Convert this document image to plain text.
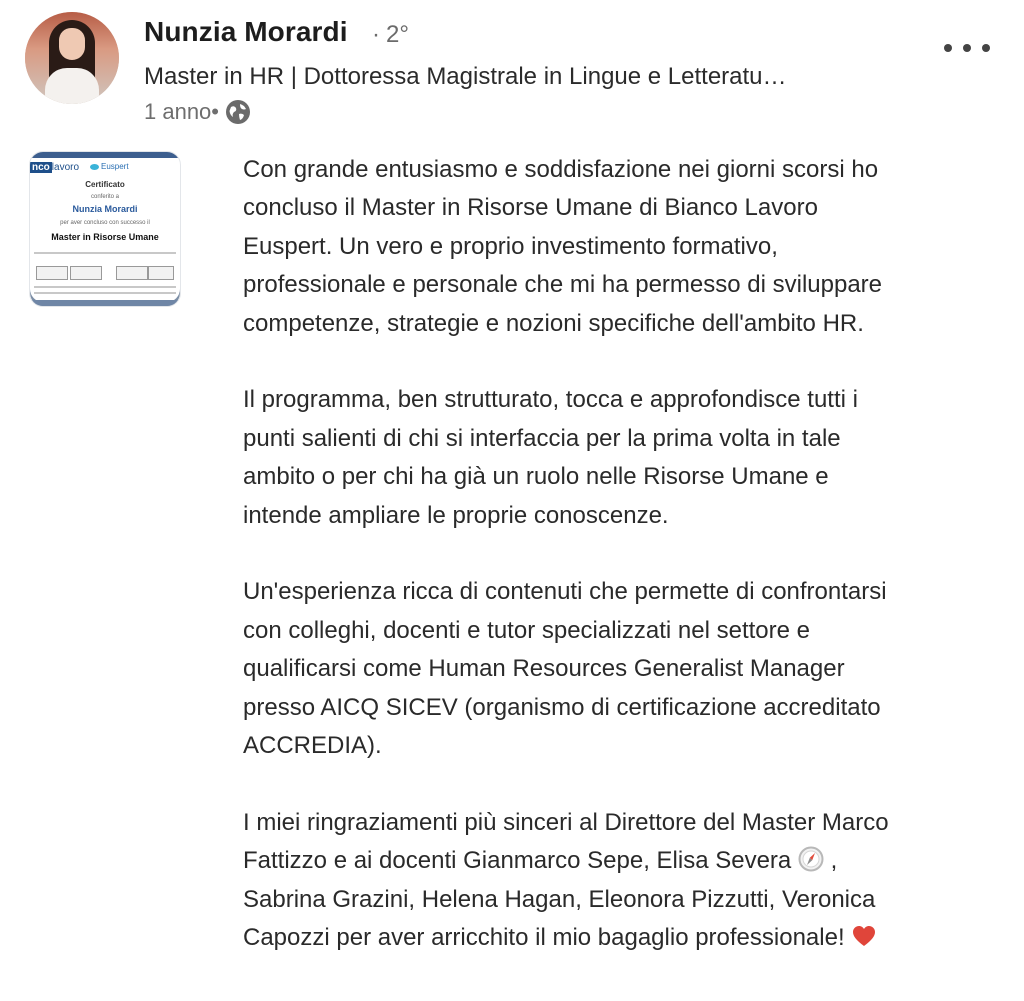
Nunzia Morardi · 2°
Master in HR | Dottoressa Magistrale in Lingue e Letteratu…
1 anno •
nco lavoro	Euspert
Certificato
conferito a
Nunzia Morardi
per aver concluso con successo il
Master in Risorse Umane

Con grande entusiasmo e soddisfazione nei giorni scorsi ho
concluso il Master in Risorse Umane di Bianco Lavoro
Euspert. Un vero e proprio investimento formativo,
professionale e personale che mi ha permesso di sviluppare
competenze, strategie e nozioni specifiche dell'ambito HR.

Il programma, ben strutturato, tocca e approfondisce tutti i
punti salienti di chi si interfaccia per la prima volta in tale
ambito o per chi ha già un ruolo nelle Risorse Umane e
intende ampliare le proprie conoscenze.

Un'esperienza ricca di contenuti che permette di confrontarsi
con colleghi, docenti e tutor specializzati nel settore e
qualificarsi come Human Resources Generalist Manager
presso AICQ SICEV (organismo di certificazione accreditato
ACCREDIA).

I miei ringraziamenti più sinceri al Direttore del Master Marco
Fattizzo e ai docenti Gianmarco Sepe, Elisa Severa  ,
Sabrina Grazini, Helena Hagan, Eleonora Pizzutti, Veronica
Capozzi per aver arricchito il mio bagaglio professionale!
